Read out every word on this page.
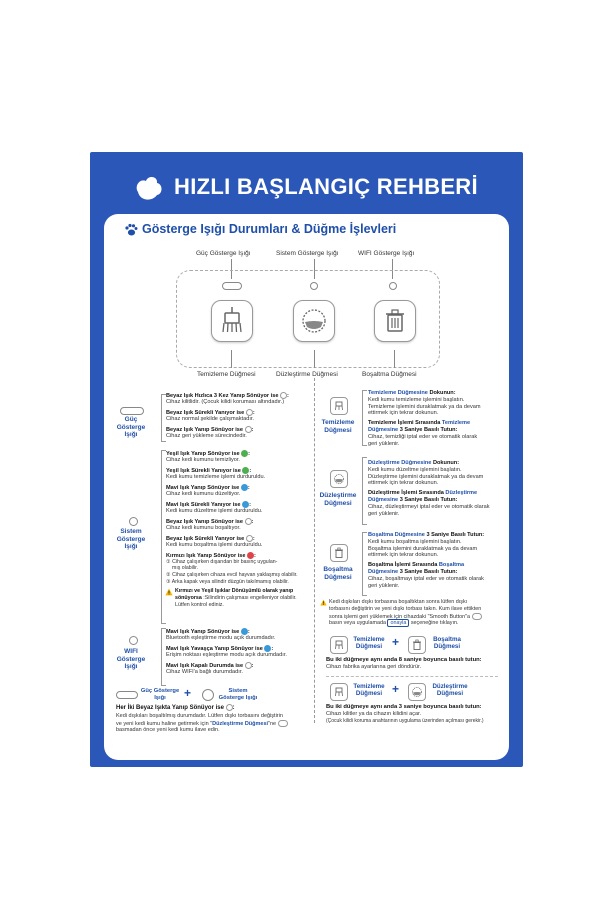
HIZLI BAŞLANGIÇ REHBERİ
Gösterge Işığı Durumları & Düğme İşlevleri
Güç Gösterge Işığı	Sistem Gösterge Işığı	WIFI Gösterge Işığı
Temizleme Düğmesi	Düzleştirme Düğmesi	Boşaltma Düğmesi
Güç Gösterge Işığı
Beyaz Işık Hızlıca 3 Kez Yanıp Sönüyor ise :
Cihaz kilitlidir. (Çocuk kilidi koruması altındadır.)
Beyaz Işık Sürekli Yanıyor ise :
Cihaz normal şekilde çalışmaktadır.
Beyaz Işık Yanıp Sönüyor ise :
Cihaz geri yükleme sürecindedir.
Sistem Gösterge Işığı
Yeşil Işık Yanıp Sönüyor ise :
Cihaz kedi kumunu temizliyor.
Yeşil Işık Sürekli Yanıyor ise :
Kedi kumu temizleme işlemi durduruldu.
Mavi Işık Yanıp Sönüyor ise :
Cihaz kedi kumunu düzeltiyor.
Mavi Işık Sürekli Yanıyor ise :
Kedi kumu düzeltme işlemi durduruldu.
Beyaz Işık Yanıp Sönüyor ise :
Cihaz kedi kumunu boşaltıyor.
Beyaz Işık Sürekli Yanıyor ise :
Kedi kumu boşaltma işlemi durduruldu.
Kırmızı Işık Yanıp Sönüyor ise :
① Cihaz çalışırken dışarıdan bir basınç uygulan-
mış olabilir.
② Cihaz çalışırken cihaza evcil hayvan yaklaşmış olabilir.
③ Arka kapak veya silindir düzgün takılmamış olabilir.
Kırmızı ve Yeşil Işıklar Dönüşümlü olarak yanıp
sönüyorsa :Silindirin çalışması engelleniyor olabilir.
Lütfen kontrol ediniz.
WIFI Gösterge Işığı
Mavi Işık Yanıp Sönüyor ise :
Bluetooth eşleştirme modu açık durumdadır.
Mavi Işık Yavaşça Yanıp Sönüyor ise :
Erişim noktası eşleştirme modu açık durumdadır.
Mavi Işık Kapalı Durumda ise :
Cihaz WIFI'a bağlı durumdadır.
Güç Gösterge Işığı	+	Sistem Gösterge Işığı
Her İki Beyaz Işıkta Yanıp Sönüyor ise :
Kedi dışkıları boşaltılmış durumdadır. Lütfen dışkı torbasını değiştirin
ve yeni kedi kumu haline getirmek için "Düzleştirme Düğmesi"ne
basmadan önce yeni kedi kumu ilave edin.
Temizleme Düğmesi
Temizleme Düğmesine Dokunun:
Kedi kumu temizleme işlemini başlatın.
Temizleme işlemini duraklatmak ya da devam
ettirmek için tekrar dokunun.
Temizleme İşlemi Sırasında Temizleme
Düğmesine 3 Saniye Basılı Tutun:
Cihaz, temizliği iptal eder ve otomatik olarak
geri yüklenir.
Düzleştirme Düğmesi
Düzleştirme Düğmesine Dokunun:
Kedi kumu düzeltme işlemini başlatın.
Düzleştirme işlemini duraklatmak ya da devam
ettirmek için tekrar dokunun.
Düzleştirme İşlemi Sırasında Düzleştirme
Düğmesine 3 Saniye Basılı Tutun:
Cihaz, düzleştirmeyi iptal eder ve otomatik olarak
geri yüklenir.
Boşaltma Düğmesi
Boşaltma Düğmesine 3 Saniye Basılı Tutun:
Kedi kumu boşaltma işlemini başlatın.
Boşaltma işlemini duraklatmak ya da devam
ettirmek için tekrar dokunun.
Boşaltma İşlemi Sırasında Boşaltma
Düğmesine 3 Saniye Basılı Tutun:
Cihaz, boşaltmayı iptal eder ve otomatik olarak
geri yüklenir.
Kedi dışkıları dışkı torbasına boşaltıktan sonra lütfen dışkı
torbasını değiştirin ve yeni dışkı torbası takın. Kum ilave ettikten
sonra işlemi geri yüklemek için cihazdaki "Smooth Button"a
basın veya uygulamada onayla seçeneğine tıklayın.
Temizleme Düğmesi +	Boşaltma Düğmesi
Bu iki düğmeye aynı anda 8 saniye boyunca basılı tutun:
Cihazı fabrika ayarlarına geri döndürür.
Temizleme Düğmesi +	Düzleştirme Düğmesi
Bu iki düğmeye aynı anda 3 saniye boyunca basılı tutun:
Cihazı kilitler ya da cihazın kilidini açar.
(Çocuk kilidi koruma anahtarının uygulama üzerinden açılması gerekir.)
